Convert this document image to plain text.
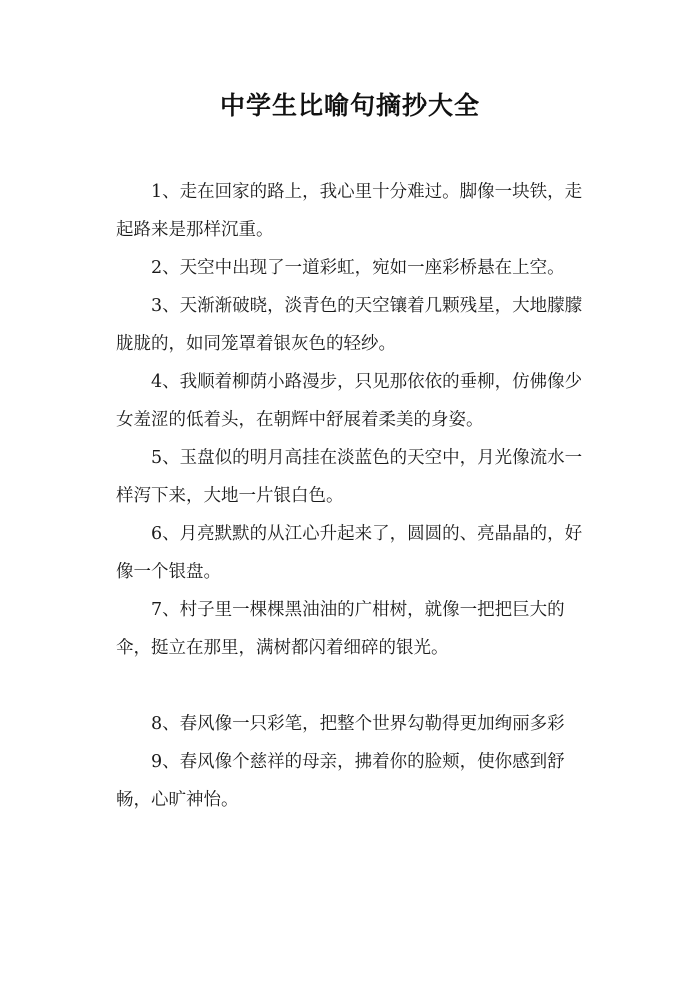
中学生比喻句摘抄大全

1、走在回家的路上，我心里十分难过。脚像一块铁，走起路来是那样沉重。

2、天空中出现了一道彩虹，宛如一座彩桥悬在上空。

3、天渐渐破晓，淡青色的天空镶着几颗残星，大地朦朦胧胧的，如同笼罩着银灰色的轻纱。

4、我顺着柳荫小路漫步，只见那依依的垂柳，仿佛像少女羞涩的低着头，在朝辉中舒展着柔美的身姿。

5、玉盘似的明月高挂在淡蓝色的天空中，月光像流水一样泻下来，大地一片银白色。

6、月亮默默的从江心升起来了，圆圆的、亮晶晶的，好像一个银盘。

7、村子里一棵棵黑油油的广柑树，就像一把把巨大的伞，挺立在那里，满树都闪着细碎的银光。

8、春风像一只彩笔，把整个世界勾勒得更加绚丽多彩

9、春风像个慈祥的母亲，拂着你的脸颊，使你感到舒畅，心旷神怡。
